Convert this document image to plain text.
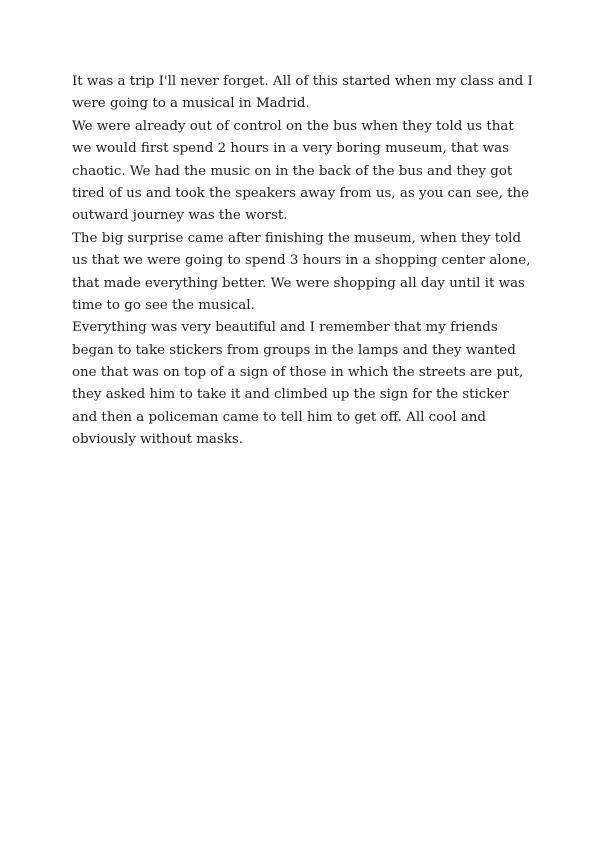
It was a trip I'll never forget. All of this started when my class and I
were going to a musical in Madrid.
We were already out of control on the bus when they told us that
we would first spend 2 hours in a very boring museum, that was
chaotic. We had the music on in the back of the bus and they got
tired of us and took the speakers away from us, as you can see, the
outward journey was the worst.
The big surprise came after finishing the museum, when they told
us that we were going to spend 3 hours in a shopping center alone,
that made everything better. We were shopping all day until it was
time to go see the musical.
Everything was very beautiful and I remember that my friends
began to take stickers from groups in the lamps and they wanted
one that was on top of a sign of those in which the streets are put,
they asked him to take it and climbed up the sign for the sticker
and then a policeman came to tell him to get off. All cool and
obviously without masks.
